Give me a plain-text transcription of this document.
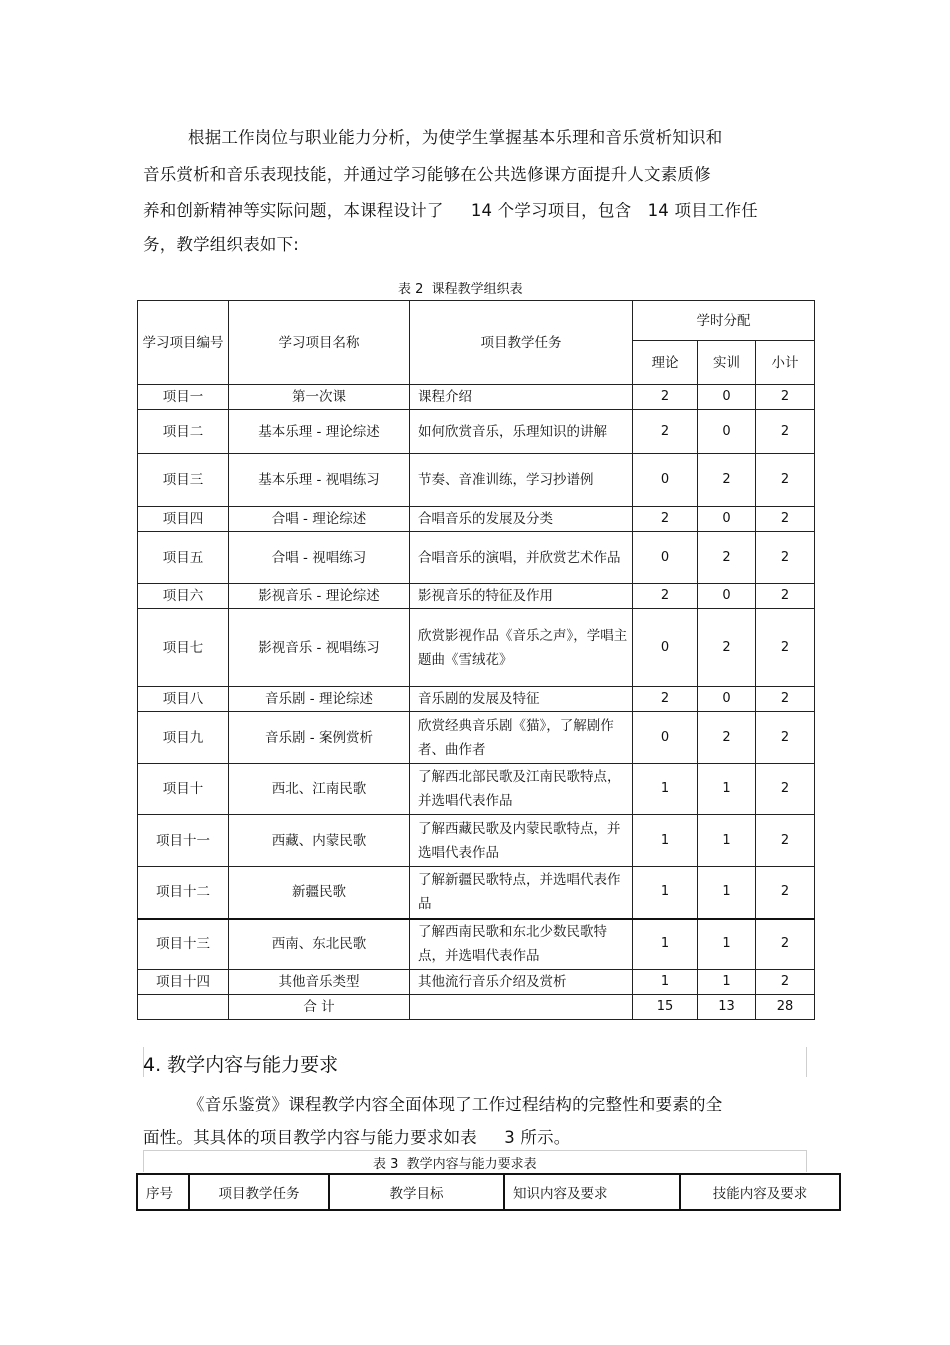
根据工作岗位与职业能力分析，为使学生掌握基本乐理和音乐赏析知识和
音乐赏析和音乐表现技能，并通过学习能够在公共选修课方面提升人文素质修
养和创新精神等实际问题，本课程设计了     14 个学习项目，包含   14 项目工作任
务，教学组织表如下:
表 2  课程教学组织表
学习项目编号	学习项目名称	项目教学任务	学时分配		
			理论	实训	小计
项目一	第一次课	课程介绍	2	0	2
项目二	基本乐理 - 理论综述	如何欣赏音乐，乐理知识的讲解	2	0	2
项目三	基本乐理 - 视唱练习	节奏、音准训练，学习抄谱例	0	2	2
项目四	合唱 - 理论综述	合唱音乐的发展及分类	2	0	2
项目五	合唱 - 视唱练习	合唱音乐的演唱，并欣赏艺术作品	0	2	2
项目六	影视音乐 - 理论综述	影视音乐的特征及作用	2	0	2
项目七	影视音乐 - 视唱练习	欣赏影视作品《音乐之声》，学唱主题曲《雪绒花》	0	2	2
项目八	音乐剧 - 理论综述	音乐剧的发展及特征	2	0	2
项目九	音乐剧 - 案例赏析	欣赏经典音乐剧《猫》，了解剧作者、曲作者	0	2	2
项目十	西北、江南民歌	了解西北部民歌及江南民歌特点，并选唱代表作品	1	1	2
项目十一	西藏、内蒙民歌	了解西藏民歌及内蒙民歌特点，并选唱代表作品	1	1	2
项目十二	新疆民歌	了解新疆民歌特点，并选唱代表作品	1	1	2
项目十三	西南、东北民歌	了解西南民歌和东北少数民歌特点，并选唱代表作品	1	1	2
项目十四	其他音乐类型	其他流行音乐介绍及赏析	1	1	2
	合 计		15	13	28
4. 教学内容与能力要求
《音乐鉴赏》课程教学内容全面体现了工作过程结构的完整性和要素的全
面性。其具体的项目教学内容与能力要求如表     3 所示。
表 3  教学内容与能力要求表
序号	项目教学任务	教学目标	知识内容及要求	技能内容及要求
